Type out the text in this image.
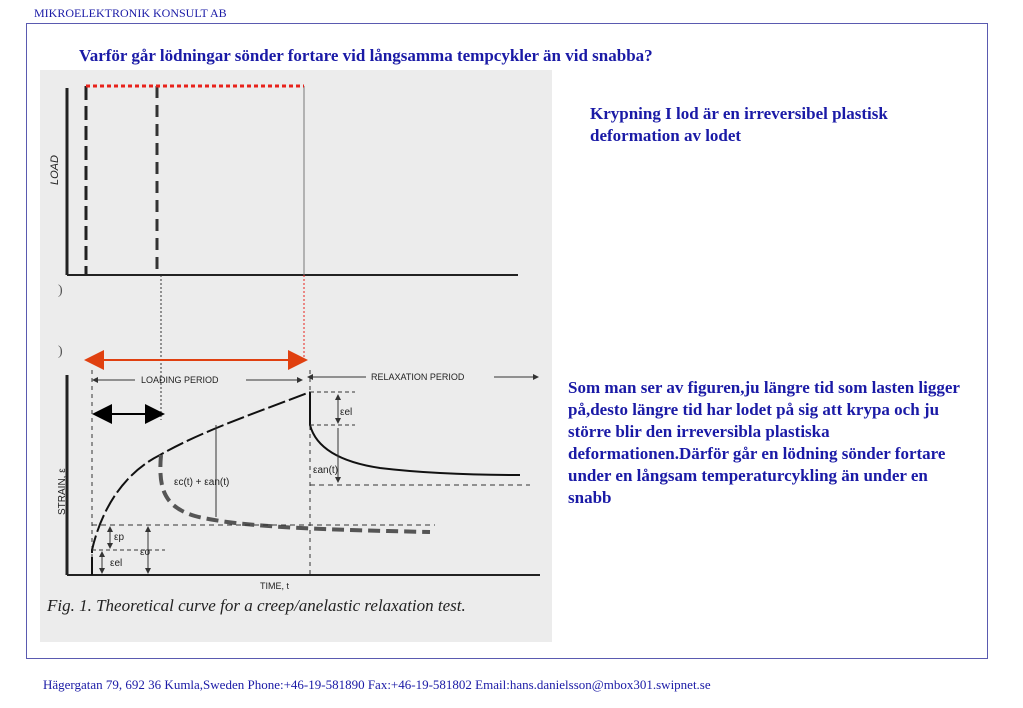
MIKROELEKTRONIK KONSULT AB
Varför går lödningar sönder fortare vid långsamma tempcykler än vid snabba?
LOAD
)
)
LOADING PERIOD	RELAXATION PERIOD
STRAIN, ε
εel
εan(t)
εc(t) + εan(t)
εp
εo
εel
TIME, t
Fig. 1. Theoretical curve for a creep/anelastic relaxation test.
Krypning I lod är en irreversibel plastisk deformation av lodet
Som man ser av figuren,ju längre tid som lasten ligger på,desto längre tid har lodet på sig att krypa och ju större blir den irreversibla plastiska deformationen.Därför går en lödning sönder fortare under en långsam temperaturcykling än under en snabb
Hägergatan 79, 692 36 Kumla,Sweden Phone:+46-19-581890 Fax:+46-19-581802 Email:hans.danielsson@mbox301.swipnet.se
